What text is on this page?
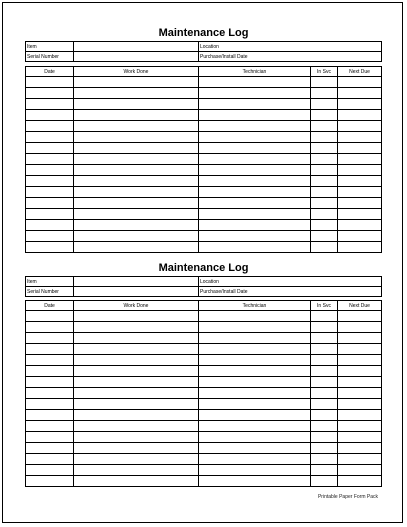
Maintenance Log
Item		Location
Serial Number		Purchase/Install Date
Date	Work Done	Technician	In Svc	Next Due

Maintenance Log
Item		Location
Serial Number		Purchase/Install Date
Date	Work Done	Technician	In Svc	Next Due

Printable Paper Form Pack
